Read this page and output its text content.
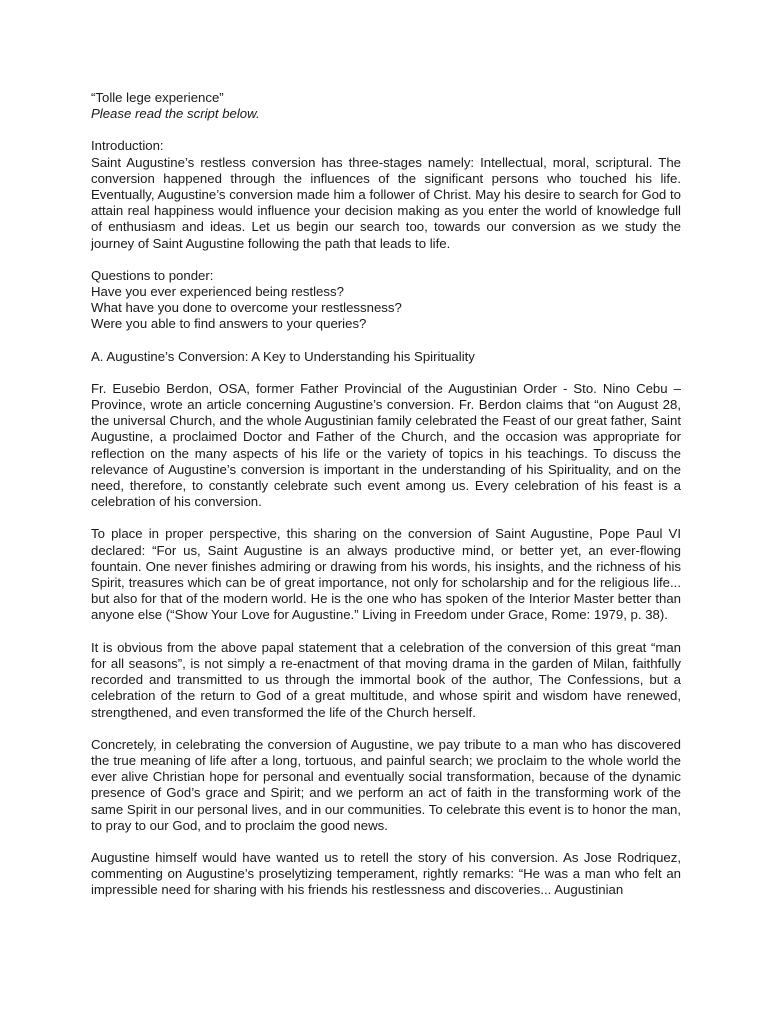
“Tolle lege experience”
Please read the script below.
Introduction:

Saint Augustine’s restless conversion has three-stages namely: Intellectual, moral, scriptural. The conversion happened through the influences of the significant persons who touched his life. Eventually, Augustine’s conversion made him a follower of Christ. May his desire to search for God to attain real happiness would influence your decision making as you enter the world of knowledge full of enthusiasm and ideas. Let us begin our search too, towards our conversion as we study the journey of Saint Augustine following the path that leads to life.

Questions to ponder:
Have you ever experienced being restless?
What have you done to overcome your restlessness?
Were you able to find answers to your queries?
A. Augustine’s Conversion: A Key to Understanding his Spirituality

Fr. Eusebio Berdon, OSA, former Father Provincial of the Augustinian Order - Sto. Nino Cebu – Province, wrote an article concerning Augustine’s conversion. Fr. Berdon claims that “on August 28, the universal Church, and the whole Augustinian family celebrated the Feast of our great father, Saint Augustine, a proclaimed Doctor and Father of the Church, and the occasion was appropriate for reflection on the many aspects of his life or the variety of topics in his teachings. To discuss the relevance of Augustine’s conversion is important in the understanding of his Spirituality, and on the need, therefore, to constantly celebrate such event among us. Every celebration of his feast is a celebration of his conversion.

To place in proper perspective, this sharing on the conversion of Saint Augustine, Pope Paul VI declared: “For us, Saint Augustine is an always productive mind, or better yet, an ever-flowing fountain. One never finishes admiring or drawing from his words, his insights, and the richness of his Spirit, treasures which can be of great importance, not only for scholarship and for the religious life... but also for that of the modern world. He is the one who has spoken of the Interior Master better than anyone else (“Show Your Love for Augustine.” Living in Freedom under Grace, Rome: 1979, p. 38).

It is obvious from the above papal statement that a celebration of the conversion of this great “man for all seasons”, is not simply a re-enactment of that moving drama in the garden of Milan, faithfully recorded and transmitted to us through the immortal book of the author, The Confessions, but a celebration of the return to God of a great multitude, and whose spirit and wisdom have renewed, strengthened, and even transformed the life of the Church herself.

Concretely, in celebrating the conversion of Augustine, we pay tribute to a man who has discovered the true meaning of life after a long, tortuous, and painful search; we proclaim to the whole world the ever alive Christian hope for personal and eventually social transformation, because of the dynamic presence of God’s grace and Spirit; and we perform an act of faith in the transforming work of the same Spirit in our personal lives, and in our communities. To celebrate this event is to honor the man, to pray to our God, and to proclaim the good news.

Augustine himself would have wanted us to retell the story of his conversion. As Jose Rodriquez, commenting on Augustine’s proselytizing temperament, rightly remarks: “He was a man who felt an impressible need for sharing with his friends his restlessness and discoveries... Augustinian
